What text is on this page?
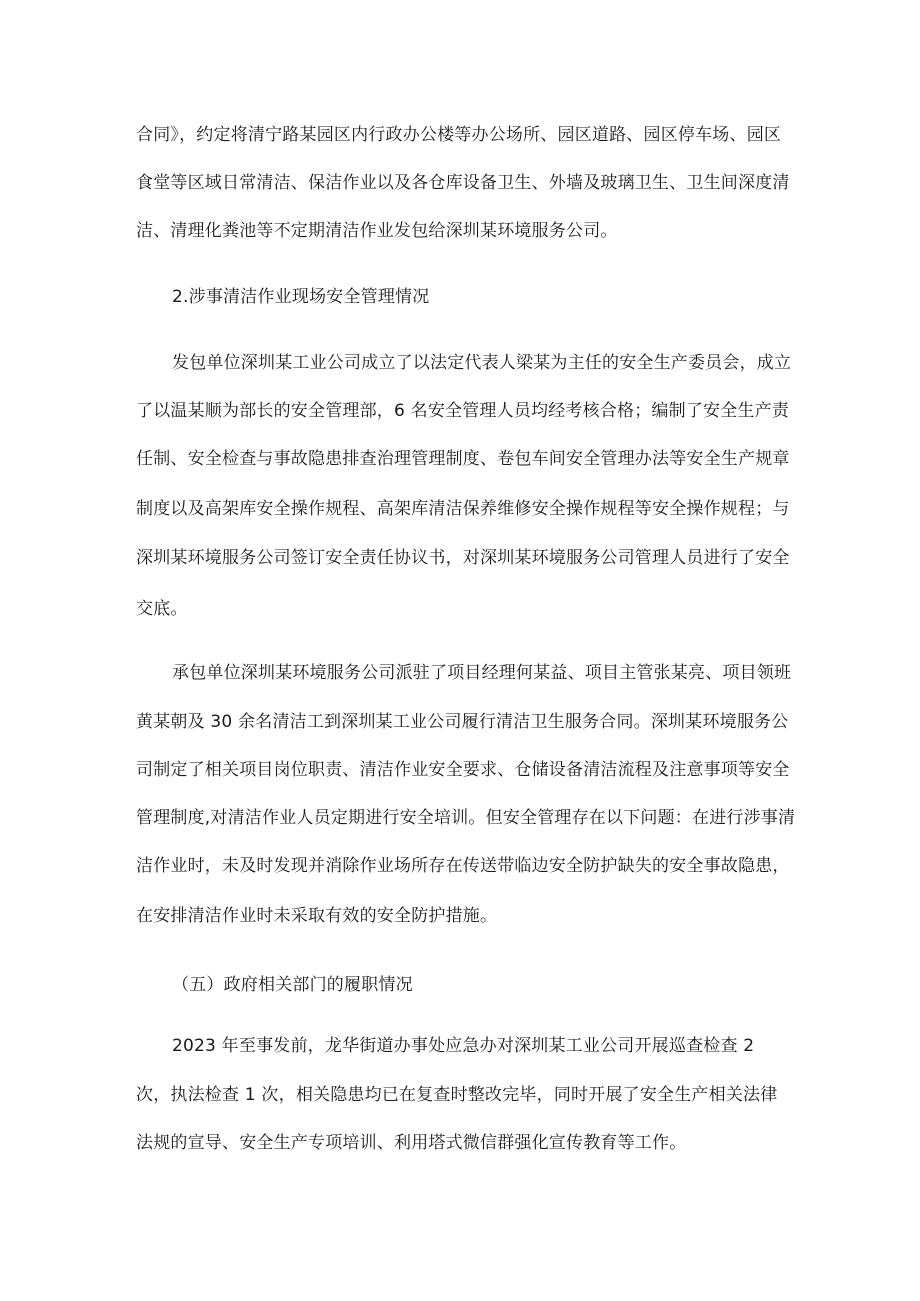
合同》，约定将清宁路某园区内行政办公楼等办公场所、园区道路、园区停车场、园区
食堂等区域日常清洁、保洁作业以及各仓库设备卫生、外墙及玻璃卫生、卫生间深度清
洁、清理化粪池等不定期清洁作业发包给深圳某环境服务公司。
2.涉事清洁作业现场安全管理情况
发包单位深圳某工业公司成立了以法定代表人梁某为主任的安全生产委员会，成立
了以温某顺为部长的安全管理部，6 名安全管理人员均经考核合格；编制了安全生产责
任制、安全检查与事故隐患排查治理管理制度、卷包车间安全管理办法等安全生产规章
制度以及高架库安全操作规程、高架库清洁保养维修安全操作规程等安全操作规程；与
深圳某环境服务公司签订安全责任协议书，对深圳某环境服务公司管理人员进行了安全
交底。
承包单位深圳某环境服务公司派驻了项目经理何某益、项目主管张某亮、项目领班
黄某朝及 30 余名清洁工到深圳某工业公司履行清洁卫生服务合同。深圳某环境服务公
司制定了相关项目岗位职责、清洁作业安全要求、仓储设备清洁流程及注意事项等安全
管理制度,对清洁作业人员定期进行安全培训。但安全管理存在以下问题：在进行涉事清
洁作业时，未及时发现并消除作业场所存在传送带临边安全防护缺失的安全事故隐患，
在安排清洁作业时未采取有效的安全防护措施。
（五）政府相关部门的履职情况
2023 年至事发前，龙华街道办事处应急办对深圳某工业公司开展巡查检查 2
次，执法检查 1 次，相关隐患均已在复查时整改完毕，同时开展了安全生产相关法律
法规的宣导、安全生产专项培训、利用塔式微信群强化宣传教育等工作。
